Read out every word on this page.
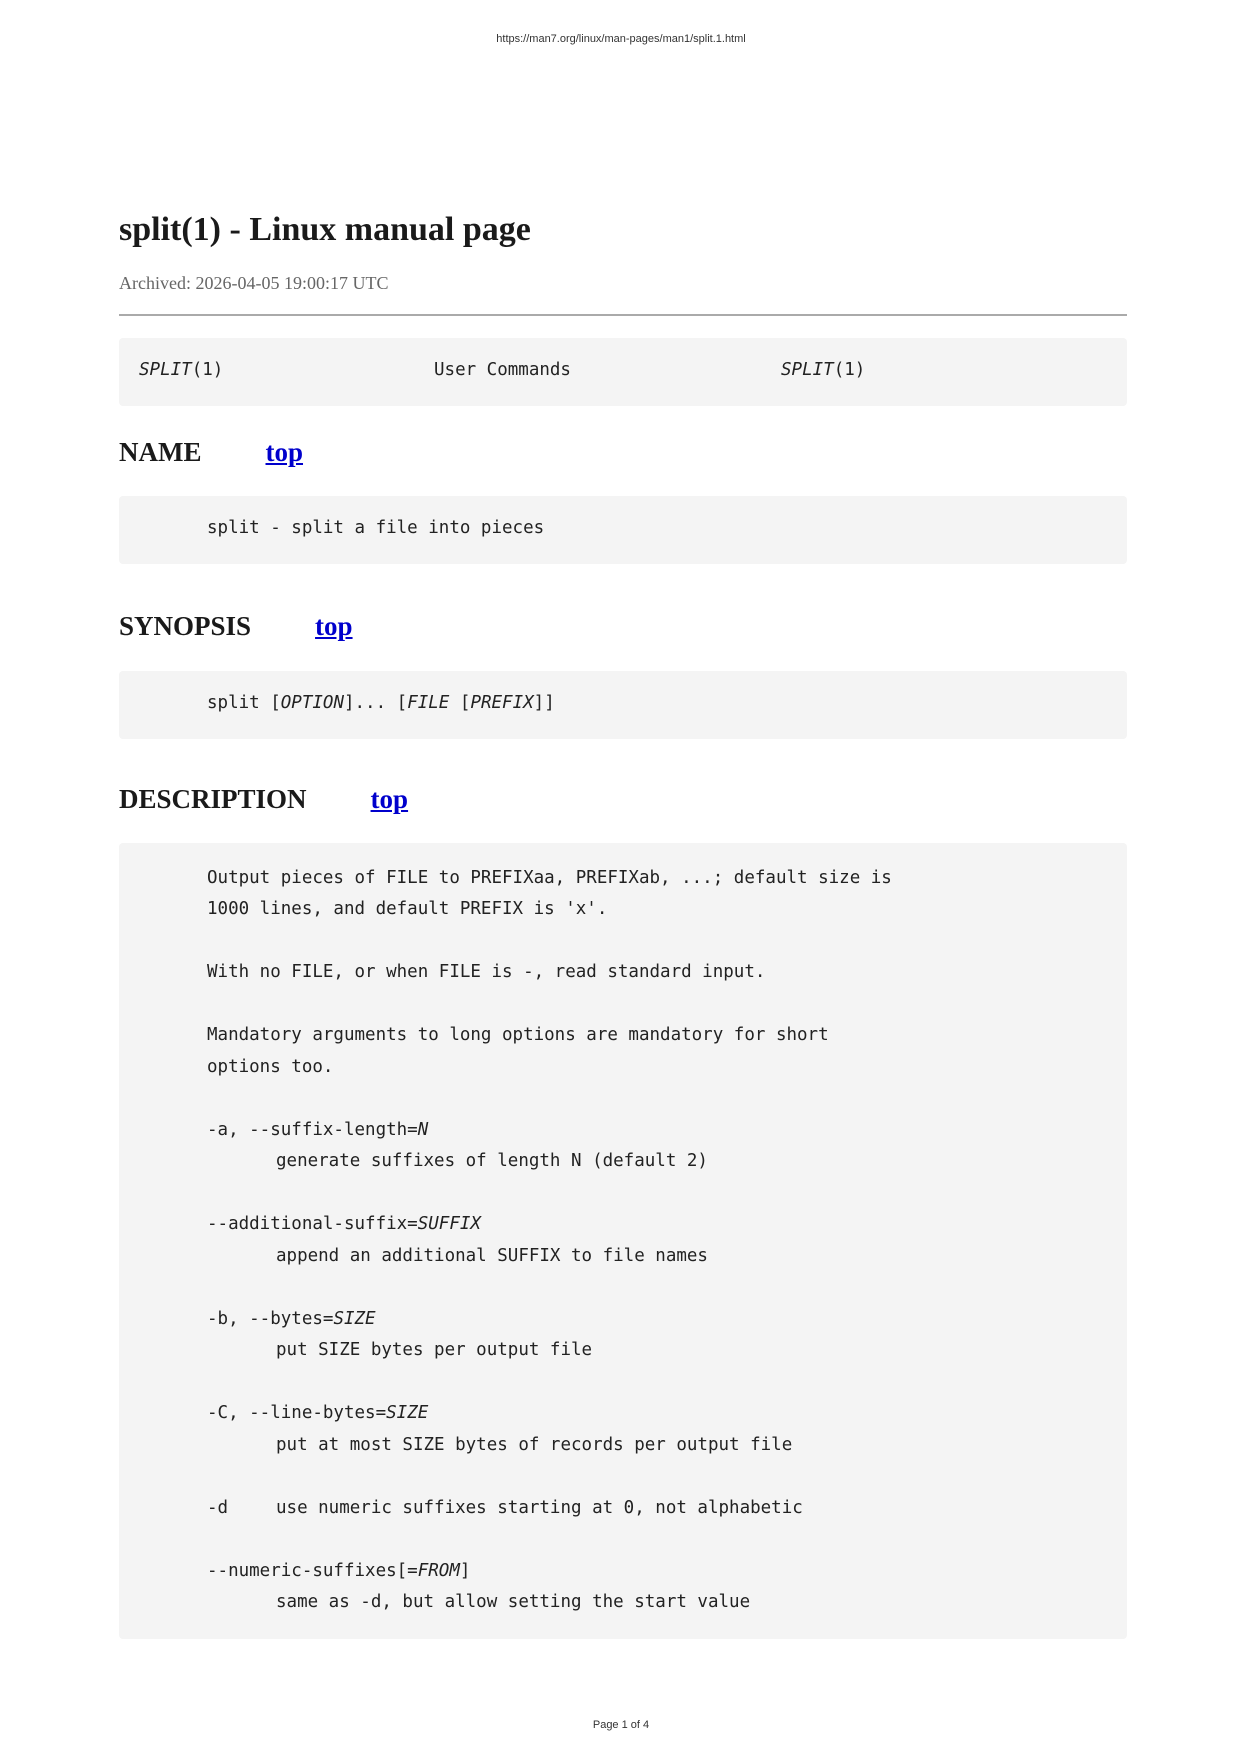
https://man7.org/linux/man-pages/man1/split.1.html
split(1) - Linux manual page
Archived: 2026-04-05 19:00:17 UTC
SPLIT(1)	User Commands	SPLIT(1)
NAME top
split - split a file into pieces
SYNOPSIS top
split [OPTION]... [FILE [PREFIX]]
DESCRIPTION top
Output pieces of FILE to PREFIXaa, PREFIXab, ...; default size is
1000 lines, and default PREFIX is 'x'.
With no FILE, or when FILE is -, read standard input.
Mandatory arguments to long options are mandatory for short
options too.
-a, --suffix-length=N
generate suffixes of length N (default 2)
--additional-suffix=SUFFIX
append an additional SUFFIX to file names
-b, --bytes=SIZE
put SIZE bytes per output file
-C, --line-bytes=SIZE
put at most SIZE bytes of records per output file
-d	use numeric suffixes starting at 0, not alphabetic
--numeric-suffixes[=FROM]
same as -d, but allow setting the start value
Page 1 of 4
